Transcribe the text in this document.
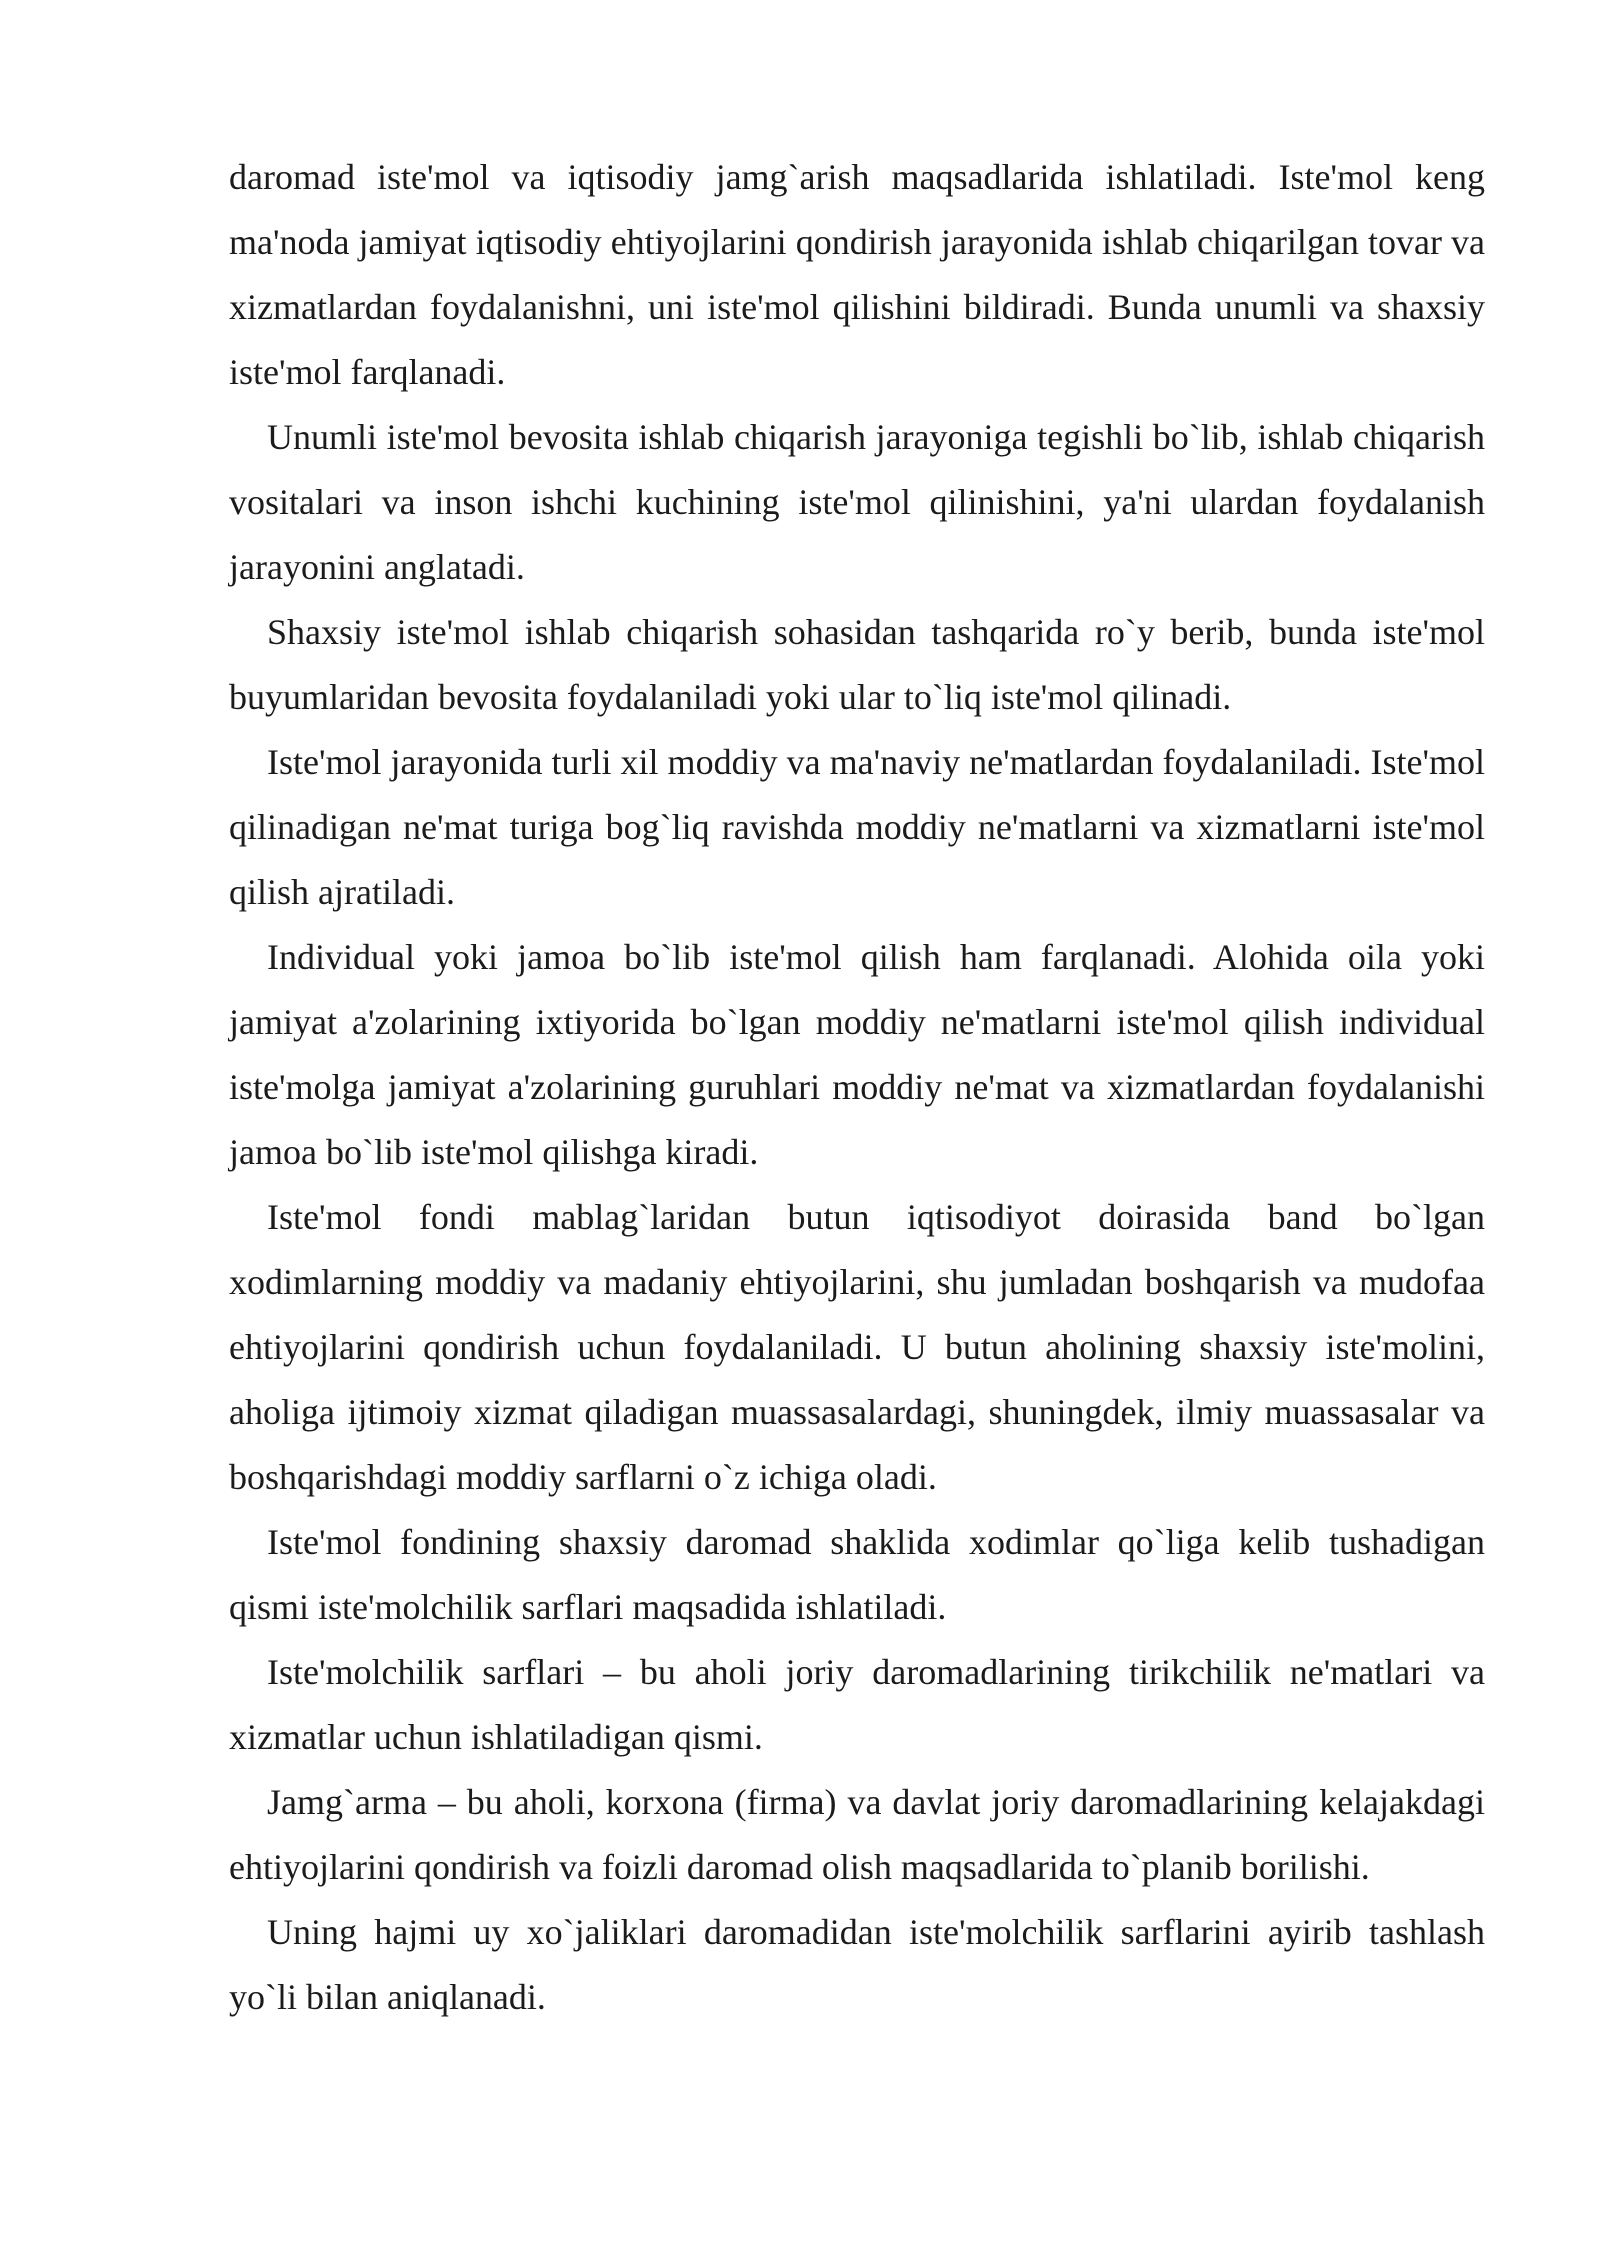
daromad iste'mol va iqtisodiy jamg`arish maqsadlarida ishlatiladi. Iste'mol keng ma'noda jamiyat iqtisodiy ehtiyojlarini qondirish jarayonida ishlab chiqarilgan tovar va xizmatlardan foydalanishni, uni iste'mol qilishini bildiradi. Bunda unumli va shaxsiy iste'mol farqlanadi.

Unumli iste'mol bevosita ishlab chiqarish jarayoniga tegishli bo`lib, ishlab chiqarish vositalari va inson ishchi kuchining iste'mol qilinishini, ya'ni ulardan foydalanish jarayonini anglatadi.

Shaxsiy iste'mol ishlab chiqarish sohasidan tashqarida ro`y berib, bunda iste'mol buyumlaridan bevosita foydalaniladi yoki ular to`liq iste'mol qilinadi.

Iste'mol jarayonida turli xil moddiy va ma'naviy ne'matlardan foydalaniladi. Iste'mol qilinadigan ne'mat turiga bog`liq ravishda moddiy ne'matlarni va xizmatlarni iste'mol qilish ajratiladi.

Individual yoki jamoa bo`lib iste'mol qilish ham farqlanadi. Alohida oila yoki jamiyat a'zolarining ixtiyorida bo`lgan moddiy ne'matlarni iste'mol qilish individual iste'molga jamiyat a'zolarining guruhlari moddiy ne'mat va xizmatlardan foydalanishi jamoa bo`lib iste'mol qilishga kiradi.

Iste'mol fondi mablag`laridan butun iqtisodiyot doirasida band bo`lgan xodimlarning moddiy va madaniy ehtiyojlarini, shu jumladan boshqarish va mudofaa ehtiyojlarini qondirish uchun foydalaniladi. U butun aholining shaxsiy iste'molini, aholiga ijtimoiy xizmat qiladigan muassasalardagi, shuningdek, ilmiy muassasalar va boshqarishdagi moddiy sarflarni o`z ichiga oladi.

Iste'mol fondining shaxsiy daromad shaklida xodimlar qo`liga kelib tushadigan qismi iste'molchilik sarflari maqsadida ishlatiladi.

Iste'molchilik sarflari – bu aholi joriy daromadlarining tirikchilik ne'matlari va xizmatlar uchun ishlatiladigan qismi.

Jamg`arma – bu aholi, korxona (firma) va davlat joriy daromadlarining kelajakdagi ehtiyojlarini qondirish va foizli daromad olish maqsadlarida to`planib borilishi.

Uning hajmi uy xo`jaliklari daromadidan iste'molchilik sarflarini ayirib tashlash yo`li bilan aniqlanadi.
